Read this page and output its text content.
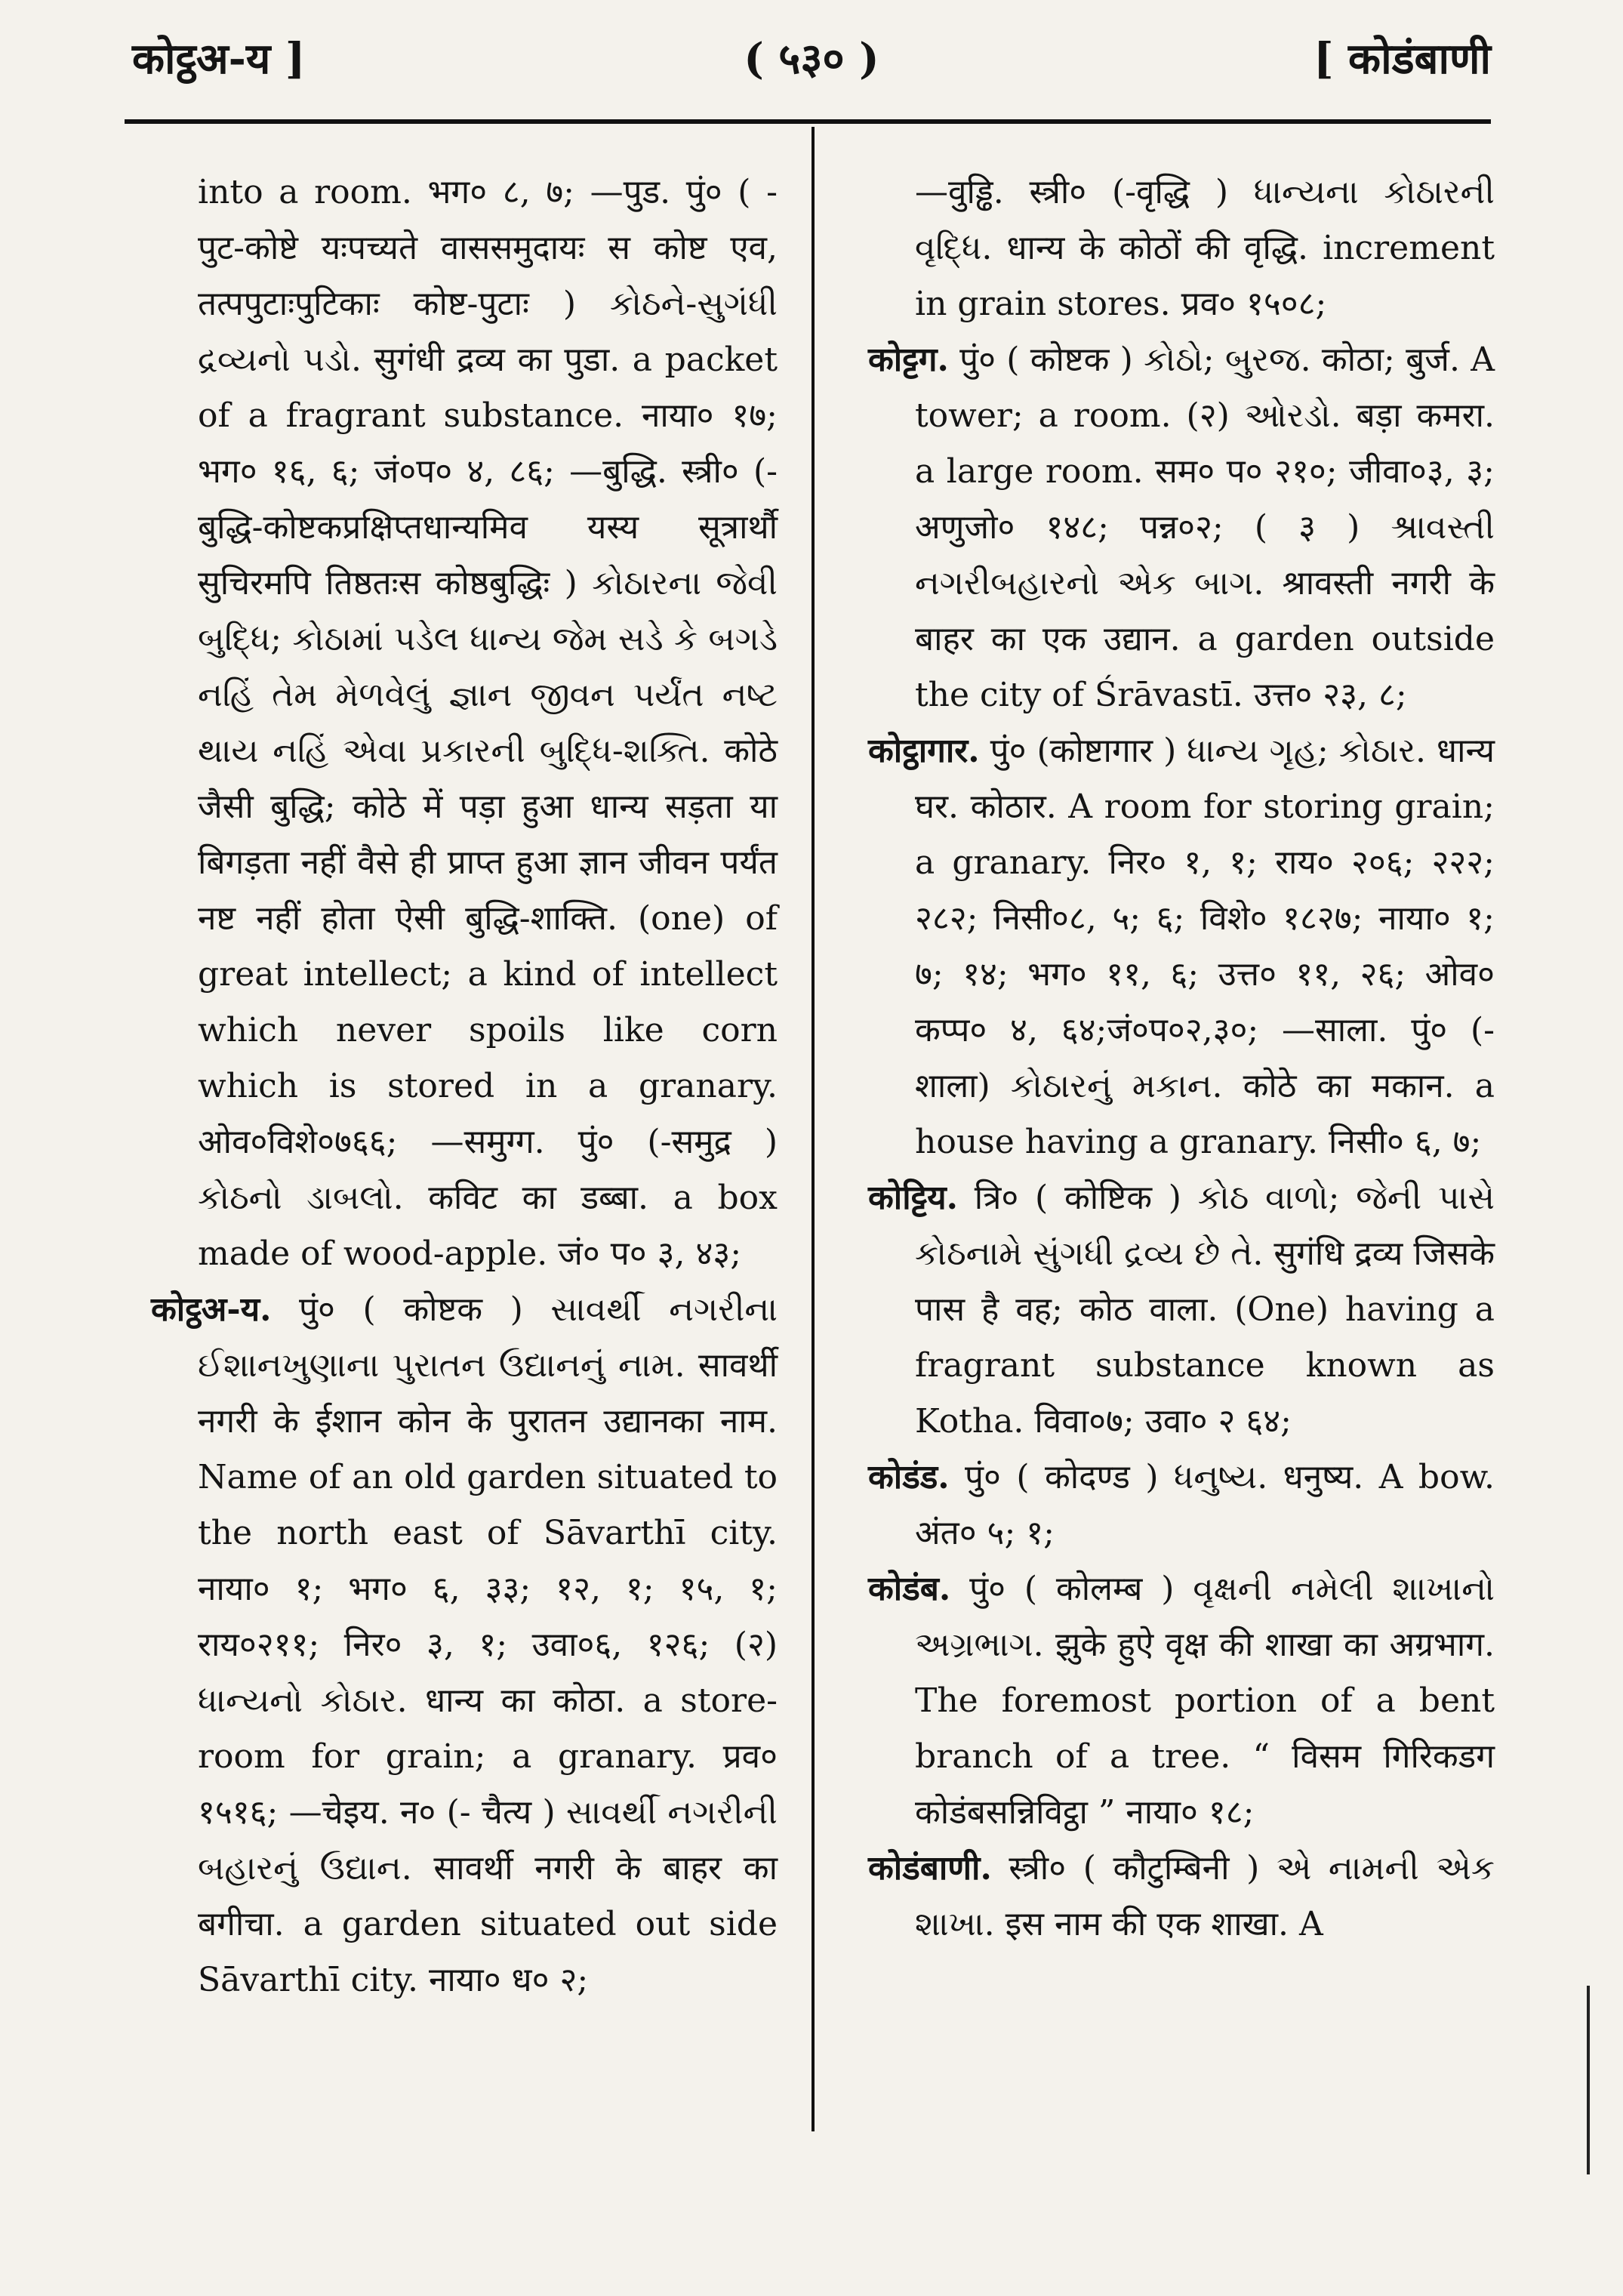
कोट्ठअ-य ]	( ५३० )	[ कोडंबाणी

into a room. भग० ८, ७; —पुड. पुं० ( -पुट-कोष्टे यःपच्यते वाससमुदायः स कोष्ट एव, तत्पपुटाःपुटिकाः कोष्ट-पुटाः ) કોઠને-સુગંધી દ્રવ્યનો પડો. सुगंधी द्रव्य का पुडा. a packet of a fragrant substance. नाया० १७; भग० १६, ६; जं०प० ४, ८६; —बुद्धि. स्त्री० (-बुद्धि-कोष्टकप्रक्षिप्तधान्यमिव यस्य सूत्रार्थौ सुचिरमपि तिष्ठतःस कोष्ठबुद्धिः ) કોઠારના જેવી બુદ્ધિ; કોઠામાં પડેલ ધાન્ય જેમ સડે કે બગડે નહિં તેમ મેળવેલું જ્ઞાન જીવન પર્યંત નષ્ટ થાય નહિં એવા પ્રકારની બુદ્ધિ-શક્તિ. कोठे जैसी बुद्धि; कोठे में पड़ा हुआ धान्य सड़ता या बिगड़ता नहीं वैसे ही प्राप्त हुआ ज्ञान जीवन पर्यंत नष्ट नहीं होता ऐसी बुद्धि-शाक्ति. (one) of great intellect; a kind of intellect which never spoils like corn which is stored in a granary. ओव०विशे०७६६; —समुग्ग. पुं० (-समुद्र ) કોઠનો ડાબલો. कविट का डब्बा. a box made of wood-apple. जं० प० ३, ४३;

कोट्ठअ-य. पुं० ( कोष्टक ) સાવર્થી નગરીના ઈશાનખુણાના પુરાતન ઉદ્યાનનું નામ. सावर्थी नगरी के ईशान कोन के पुरातन उद्यानका नाम. Name of an old garden situated to the north east of Sāvarthī city. नाया० १; भग० ६, ३३; १२, १; १५, १; राय०२११; निर० ३, १; उवा०६, १२६; (२) ધાન્યનો કોઠાર. धान्य का कोठा. a store-room for grain; a granary. प्रव० १५१६; —चेइय. न० (- चैत्य ) સાવર્થી નગરીની બહારનું ઉદ્યાન. सावर्थी नगरी के बाहर का बगीचा. a garden situated out side Sāvarthī city. नाया० ध० २;

—वुड्ढि. स्त्री० (-वृद्धि ) ધાન્યના કોઠારની વૃદ્ધિ. धान्य के कोठों की वृद्धि. increment in grain stores. प्रव० १५०८;

कोट्टग. पुं० ( कोष्टक ) કોઠો; બુરજ. कोठा; बुर्ज. A tower; a room. (२) ઓરડો. बड़ा कमरा. a large room. सम० प० २१०; जीवा०३, ३; अणुजो० १४८; पन्न०२; ( ३ ) શ્રાવસ્તી નગરીબહારનો એક બાગ. श्रावस्ती नगरी के बाहर का एक उद्यान. a garden outside the city of Śrāvastī. उत्त० २३, ८;

कोट्ठागार. पुं० (कोष्टागार ) ધાન્ય ગૃહ; કોઠાર. धान्य घर. कोठार. A room for storing grain; a granary. निर० १, १; राय० २०६; २२२; २८२; निसी०८, ५; ६; विशे० १८२७; नाया० १; ७; १४; भग० ११, ६; उत्त० ११, २६; ओव० कप्प० ४, ६४;जं०प०२,३०; —साला. पुं० (-शाला) કોઠારનું મકાન. कोठे का मकान. a house having a granary. निसी० ६, ७;

कोट्टिय. त्रि० ( कोष्टिक ) કોઠ વાળો; જેની પાસે કોઠનામે સુંગધી દ્રવ્ય છે તે. सुगंधि द्रव्य जिसके पास है वह; कोठ वाला. (One) having a fragrant substance known as Kotha. विवा०७; उवा० २ ६४;

कोडंड. पुं० ( कोदण्ड ) ધનુષ્ય. धनुष्य. A bow. अंत० ५; १;

कोडंब. पुं० ( कोलम्ब ) વૃક્ષની નમેલી શાખાનો અગ્રભાગ. झुके हुऐ वृक्ष की शाखा का अग्रभाग. The foremost portion of a bent branch of a tree. “ विसम गिरिकडग कोडंबसन्निविट्ठा ” नाया० १८;

कोडंबाणी. स्त्री० ( कौटुम्बिनी ) એ નામની એક શાખા. इस नाम की एक शाखा. A
